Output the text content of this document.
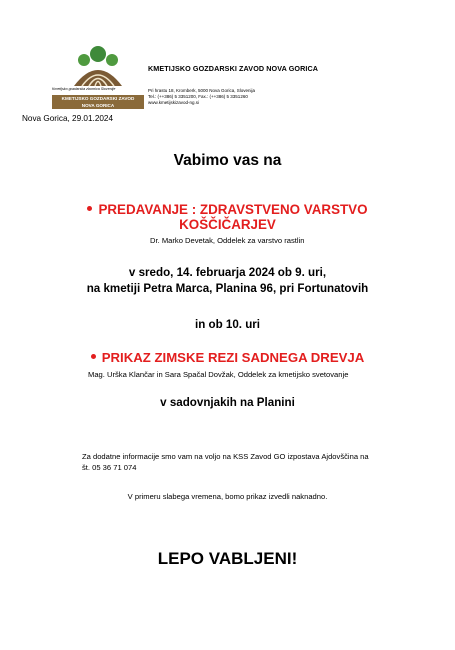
Kmetijsko gozdarska zbornica Slovenije
KMETIJSKO GOZDARSKI ZAVOD
NOVA GORICA
KMETIJSKO GOZDARSKI ZAVOD NOVA GORICA
Pri hrastu 18, Kromberk, 5000 Nova Gorica, Slovenija
Tel.: (++386) 5 3351200, Fax.: (++386) 5 3351260
www.kmetijskizavod-ng.si
Nova Gorica, 29.01.2024
Vabimo vas na
PREDAVANJE : ZDRAVSTVENO VARSTVO
KOŠČIČARJEV
Dr. Marko Devetak, Oddelek za varstvo rastlin
v sredo, 14. februarja 2024 ob 9. uri,
na kmetiji Petra Marca, Planina 96, pri Fortunatovih
in ob 10. uri
PRIKAZ ZIMSKE REZI SADNEGA DREVJA
Mag. Urška Klančar in Sara Spačal Dovžak, Oddelek za kmetijsko svetovanje
v sadovnjakih na Planini
Za dodatne informacije smo vam na voljo na KSS Zavod GO izpostava Ajdovščina na
št. 05 36 71 074
V primeru slabega vremena, bomo prikaz izvedli naknadno.
LEPO VABLJENI!
